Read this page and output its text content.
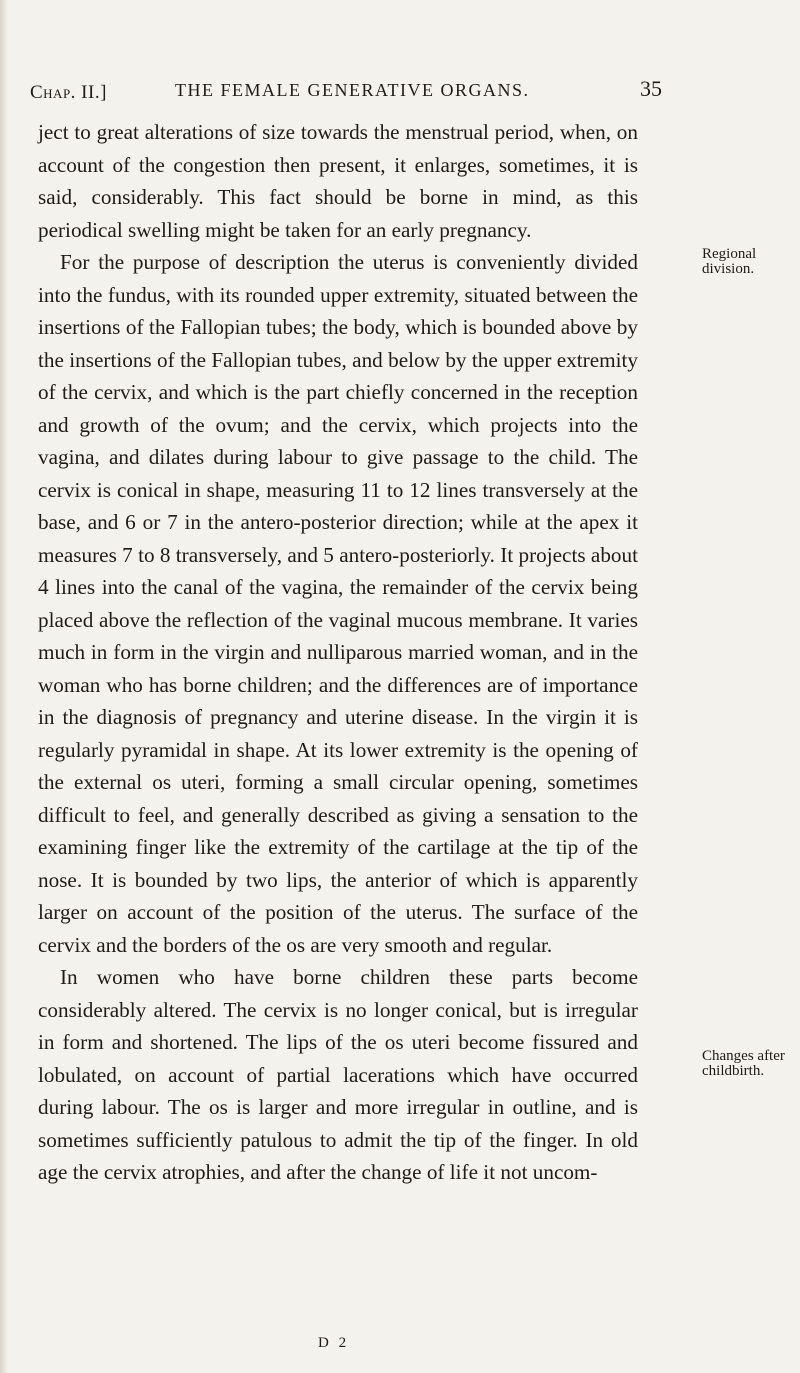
Chap. II.]	THE FEMALE GENERATIVE ORGANS.	35

ject to great alterations of size towards the menstrual period, when, on account of the congestion then present, it enlarges, sometimes, it is said, considerably. This fact should be borne in mind, as this periodical swelling might be taken for an early pregnancy.

For the purpose of description the uterus is conveniently divided into the fundus, with its rounded upper extremity, situated between the insertions of the Fallopian tubes; the body, which is bounded above by the insertions of the Fallopian tubes, and below by the upper extremity of the cervix, and which is the part chiefly concerned in the reception and growth of the ovum; and the cervix, which projects into the vagina, and dilates during labour to give passage to the child. The cervix is conical in shape, measuring 11 to 12 lines transversely at the base, and 6 or 7 in the antero-posterior direction; while at the apex it measures 7 to 8 transversely, and 5 antero-posteriorly. It projects about 4 lines into the canal of the vagina, the remainder of the cervix being placed above the reflection of the vaginal mucous membrane. It varies much in form in the virgin and nulliparous married woman, and in the woman who has borne children; and the differences are of importance in the diagnosis of pregnancy and uterine disease. In the virgin it is regularly pyramidal in shape. At its lower extremity is the opening of the external os uteri, forming a small circular opening, sometimes difficult to feel, and generally described as giving a sensation to the examining finger like the extremity of the cartilage at the tip of the nose. It is bounded by two lips, the anterior of which is apparently larger on account of the position of the uterus. The surface of the cervix and the borders of the os are very smooth and regular.

In women who have borne children these parts become considerably altered. The cervix is no longer conical, but is irregular in form and shortened. The lips of the os uteri become fissured and lobulated, on account of partial lacerations which have occurred during labour. The os is larger and more irregular in outline, and is sometimes sufficiently patulous to admit the tip of the finger. In old age the cervix atrophies, and after the change of life it not uncom-

Regional division.
Changes after childbirth.
D 2
